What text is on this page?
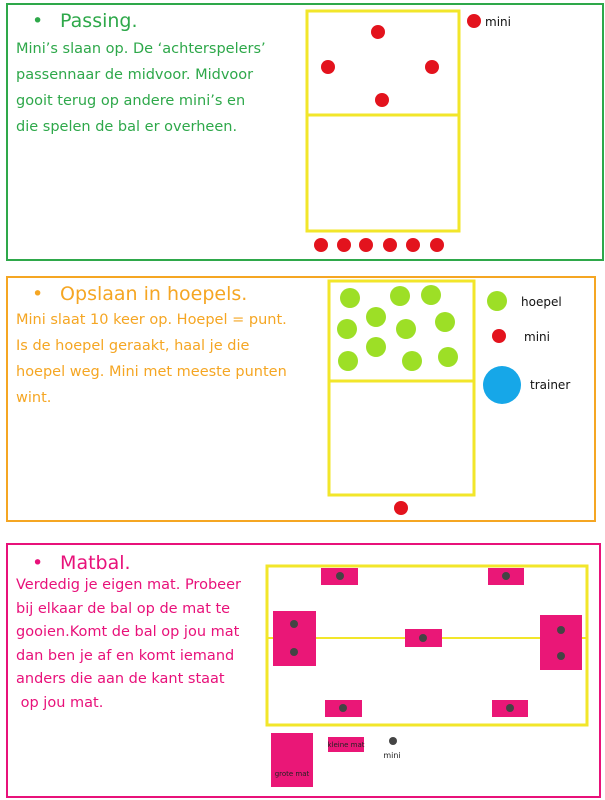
• Passing.
Mini’s slaan op. De ‘achterspelers’
passennaar de midvoor. Midvoor
gooit terug op andere mini’s en
die spelen de bal er overheen.
mini
hoepel
mini
trainer
grote mat
kleine mat
mini
• Opslaan in hoepels.
Mini slaat 10 keer op. Hoepel = punt.
Is de hoepel geraakt, haal je die
hoepel weg. Mini met meeste punten
wint.
• Matbal.
Verdedig je eigen mat. Probeer
bij elkaar de bal op de mat te
gooien.Komt de bal op jou mat
dan ben je af en komt iemand
anders die aan de kant staat
op jou mat.
